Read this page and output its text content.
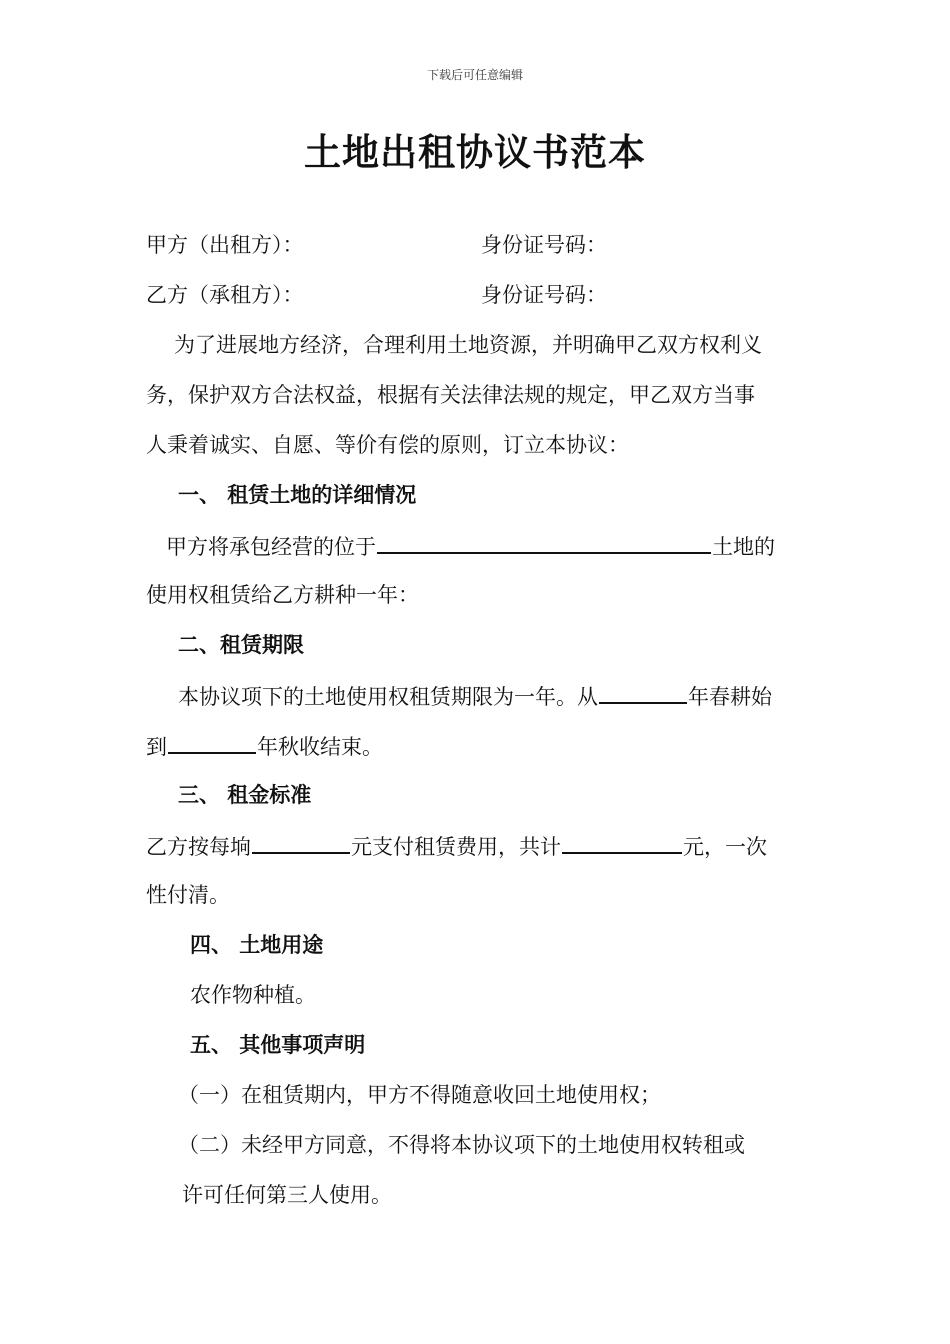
下载后可任意编辑
土地出租协议书范本
甲方（出租方）：	身份证号码：
乙方（承租方）：	身份证号码：
为了进展地方经济，合理利用土地资源，并明确甲乙双方权利义
务，保护双方合法权益，根据有关法律法规的规定，甲乙双方当事
人秉着诚实、自愿、等价有偿的原则，订立本协议：
一、 租赁土地的详细情况
甲方将承包经营的位于	土地的
使用权租赁给乙方耕种一年：
二、租赁期限
本协议项下的土地使用权租赁期限为一年。从	年春耕始
到	年秋收结束。
三、 租金标准
乙方按每垧	元支付租赁费用，共计	元，一次
性付清。
四、 土地用途
农作物种植。
五、 其他事项声明
（一）在租赁期内，甲方不得随意收回土地使用权；
（二）未经甲方同意，不得将本协议项下的土地使用权转租或
许可任何第三人使用。
